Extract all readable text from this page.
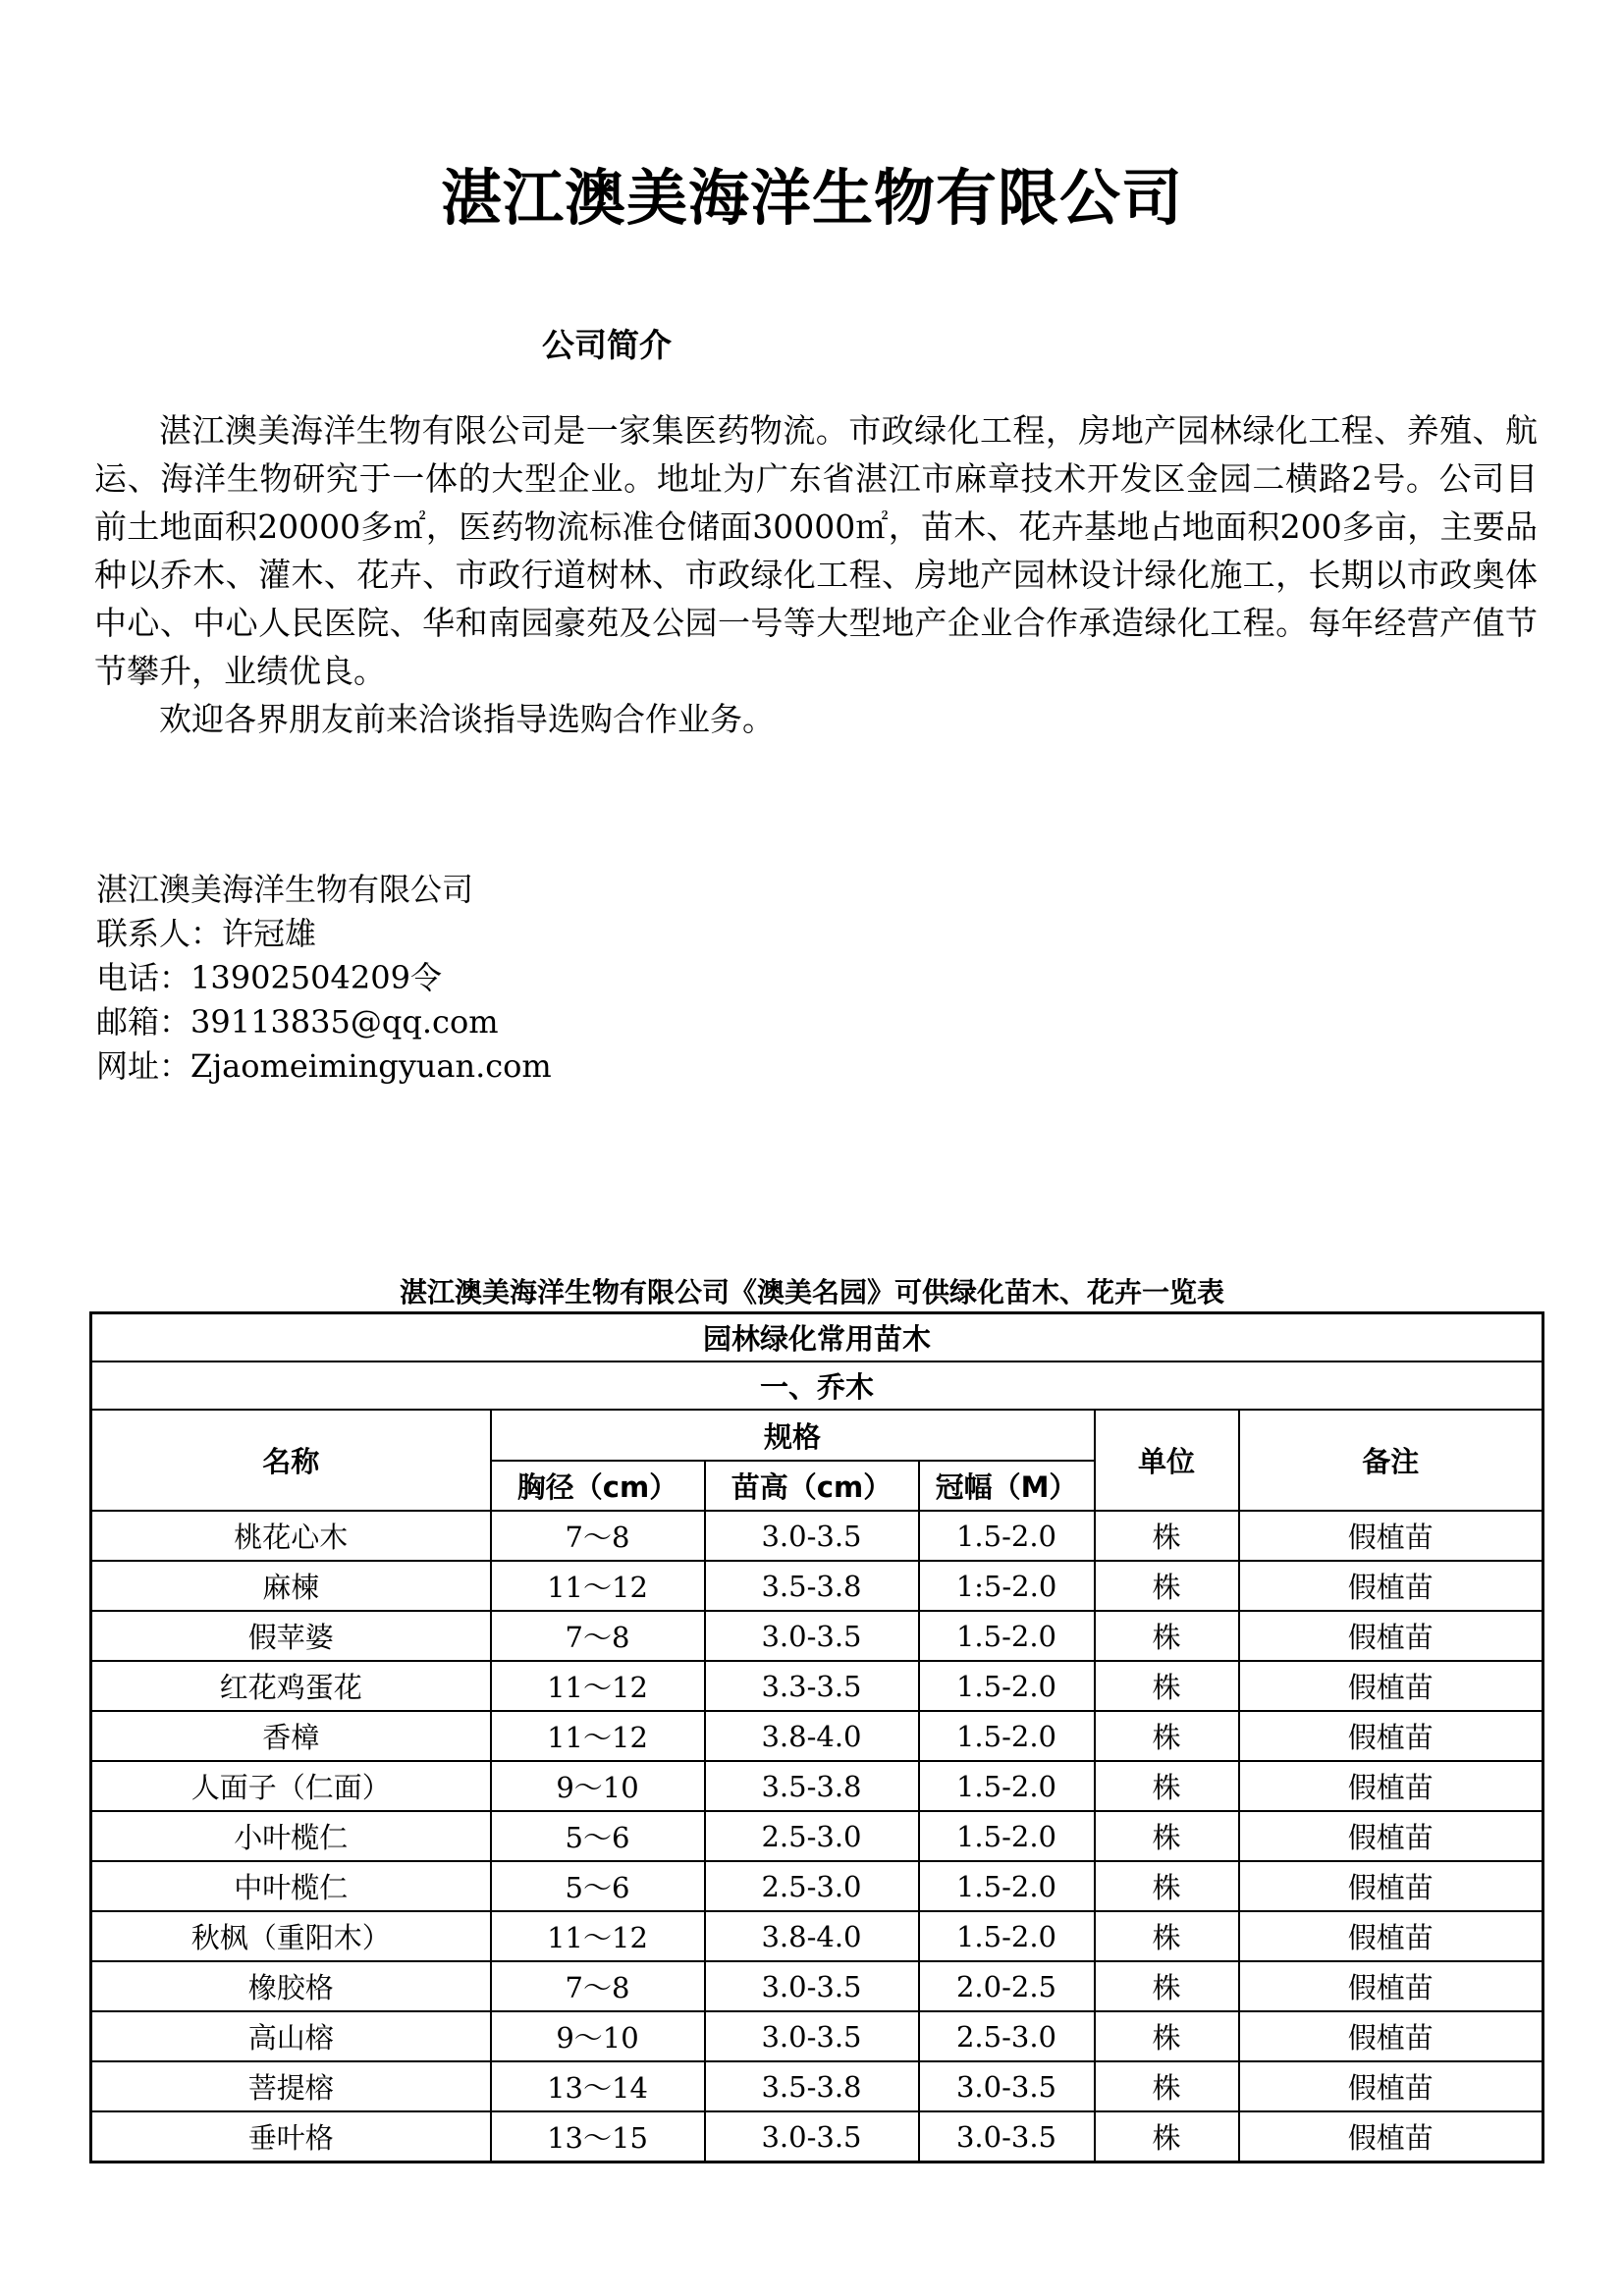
湛江澳美海洋生物有限公司
公司简介

湛江澳美海洋生物有限公司是一家集医药物流。市政绿化工程，房地产园林绿化工程、养殖、航运、海洋生物研究于一体的大型企业。地址为广东省湛江市麻章技术开发区金园二横路2号。公司目前土地面积20000多㎡，医药物流标准仓储面30000㎡，苗木、花卉基地占地面积200多亩，主要品种以乔木、灌木、花卉、市政行道树林、市政绿化工程、房地产园林设计绿化施工，长期以市政奥体中心、中心人民医院、华和南园豪苑及公园一号等大型地产企业合作承造绿化工程。每年经营产值节节攀升，业绩优良。

欢迎各界朋友前来洽谈指导选购合作业务。

湛江澳美海洋生物有限公司
联系人：许冠雄
电话：13902504209令
邮箱：39113835@qq.com
网址：Zjaomeimingyuan.com
湛江澳美海洋生物有限公司《澳美名园》可供绿化苗木、花卉一览表
园林绿化常用苗木					
一、乔木					
名称	规格			单位	备注
	胸径（cm）	苗高（cm）	冠幅（M）		
桃花心木	7～8	3.0-3.5	1.5-2.0	株	假植苗
麻楝	11～12	3.5-3.8	1:5-2.0	株	假植苗
假苹婆	7～8	3.0-3.5	1.5-2.0	株	假植苗
红花鸡蛋花	11～12	3.3-3.5	1.5-2.0	株	假植苗
香樟	11～12	3.8-4.0	1.5-2.0	株	假植苗
人面子（仁面）	9～10	3.5-3.8	1.5-2.0	株	假植苗
小叶榄仁	5～6	2.5-3.0	1.5-2.0	株	假植苗
中叶榄仁	5～6	2.5-3.0	1.5-2.0	株	假植苗
秋枫（重阳木）	11～12	3.8-4.0	1.5-2.0	株	假植苗
橡胶格	7～8	3.0-3.5	2.0-2.5	株	假植苗
高山榕	9～10	3.0-3.5	2.5-3.0	株	假植苗
菩提榕	13～14	3.5-3.8	3.0-3.5	株	假植苗
垂叶格	13～15	3.0-3.5	3.0-3.5	株	假植苗
